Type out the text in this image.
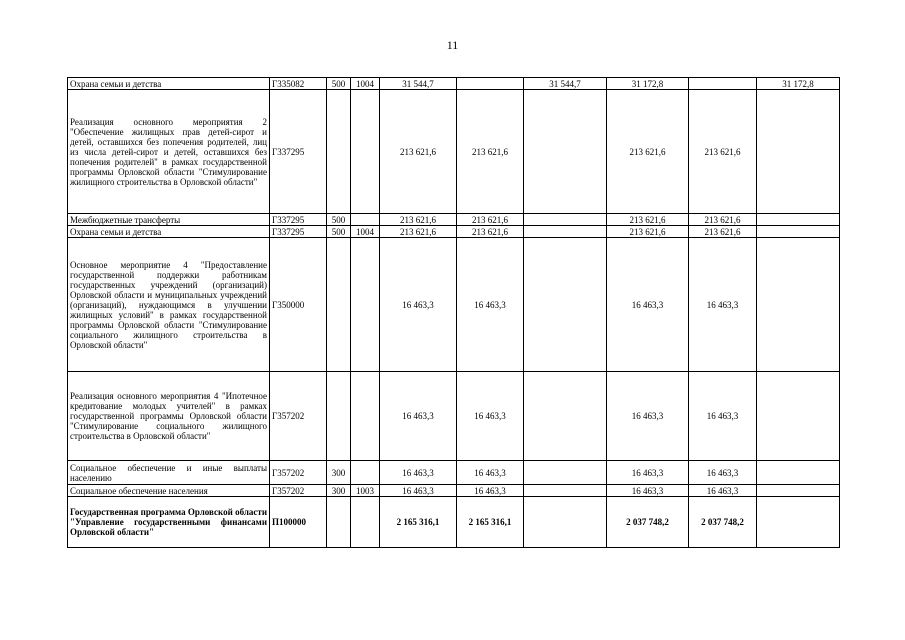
11
Охрана семьи и детства	Г335082	500	1004	31 544,7		31 544,7	31 172,8		31 172,8
Реализация основного мероприятия 2 "Обеспечение жилищных прав детей-сирот и детей, оставшихся без попечения родителей, лиц из числа детей-сирот и детей, оставшихся без попечения родителей" в рамках государственной программы Орловской области "Стимулирование жилищного строительства в Орловской области"	Г337295			213 621,6	213 621,6		213 621,6	213 621,6	
Межбюджетные трансферты	Г337295	500		213 621,6	213 621,6		213 621,6	213 621,6	
Охрана семьи и детства	Г337295	500	1004	213 621,6	213 621,6		213 621,6	213 621,6	
Основное мероприятие 4 "Предоставление государственной поддержки работникам государственных учреждений (организаций) Орловской области и муниципальных учреждений (организаций), нуждающимся в улучшении жилищных условий" в рамках государственной программы Орловской области "Стимулирование социального жилищного строительства в Орловской области"	Г350000			16 463,3	16 463,3		16 463,3	16 463,3	
Реализация основного мероприятия 4 "Ипотечное кредитование молодых учителей" в рамках государственной программы Орловской области "Стимулирование социального жилищного строительства в Орловской области"	Г357202			16 463,3	16 463,3		16 463,3	16 463,3	
Социальное обеспечение и иные выплаты населению	Г357202	300		16 463,3	16 463,3		16 463,3	16 463,3	
Социальное обеспечение населения	Г357202	300	1003	16 463,3	16 463,3		16 463,3	16 463,3	
Государственная программа Орловской области "Управление государственными финансами Орловской области"	П100000			2 165 316,1	2 165 316,1		2 037 748,2	2 037 748,2	
